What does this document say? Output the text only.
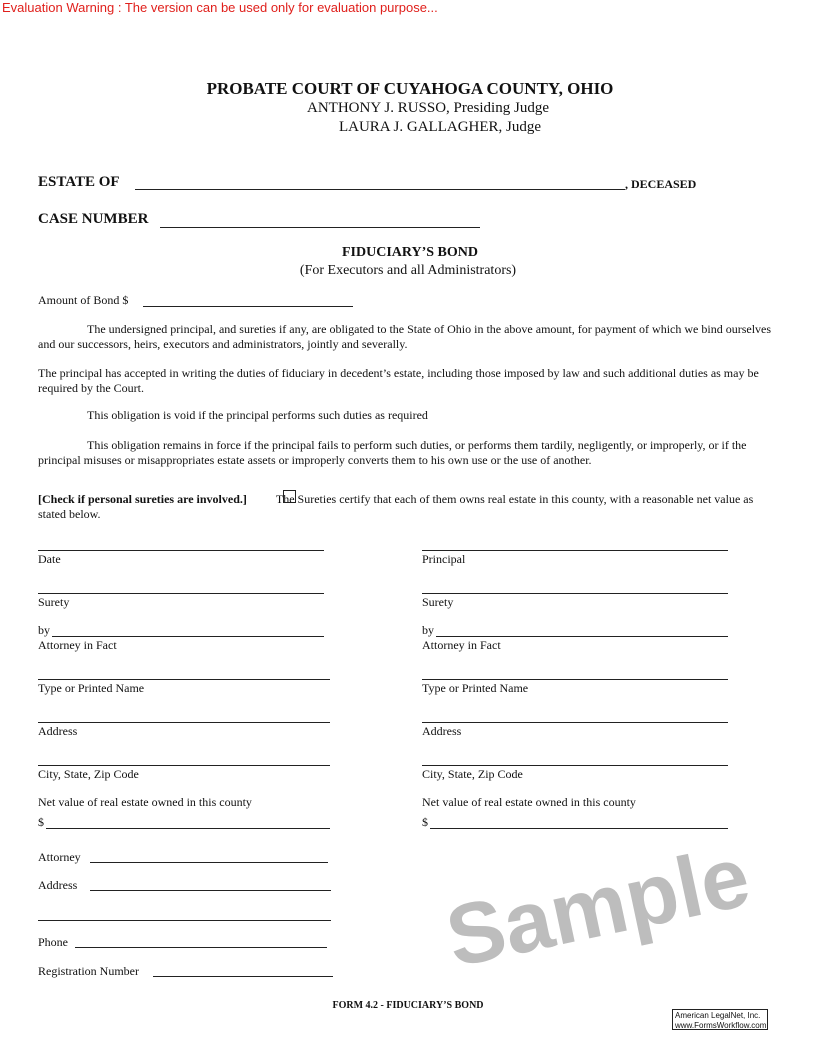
Evaluation Warning : The version can be used only for evaluation purpose...
PROBATE COURT OF CUYAHOGA COUNTY, OHIO
ANTHONY J. RUSSO, Presiding Judge
LAURA J. GALLAGHER, Judge
ESTATE OF	, DECEASED
CASE NUMBER
FIDUCIARY’S BOND
(For Executors and all Administrators)
Amount of Bond $
The undersigned principal, and sureties if any, are obligated to the State of Ohio in the above amount, for payment of which we bind ourselves and our successors, heirs, executors and administrators, jointly and severally.
The principal has accepted in writing the duties of fiduciary in decedent’s estate, including those imposed by law and such additional duties as may be required by the Court.
This obligation is void if the principal performs such duties as required
This obligation remains in force if the principal fails to perform such duties, or performs them tardily, negligently, or improperly, or if the principal misuses or misappropriates estate assets or improperly converts them to his own use or the use of another.
[Check if personal sureties are involved.] The Sureties certify that each of them owns real estate in this county, with a reasonable net value as stated below.
Date
Surety
by
Attorney in Fact
Type or Printed Name
Address
City, State, Zip Code
Net value of real estate owned in this county
$
Principal
Surety
by
Attorney in Fact
Type or Printed Name
Address
City, State, Zip Code
Net value of real estate owned in this county
$
Attorney
Address
Phone
Registration Number
FORM 4.2 - FIDUCIARY’S BOND
American LegalNet, Inc.
www.FormsWorkflow.com
Sample
